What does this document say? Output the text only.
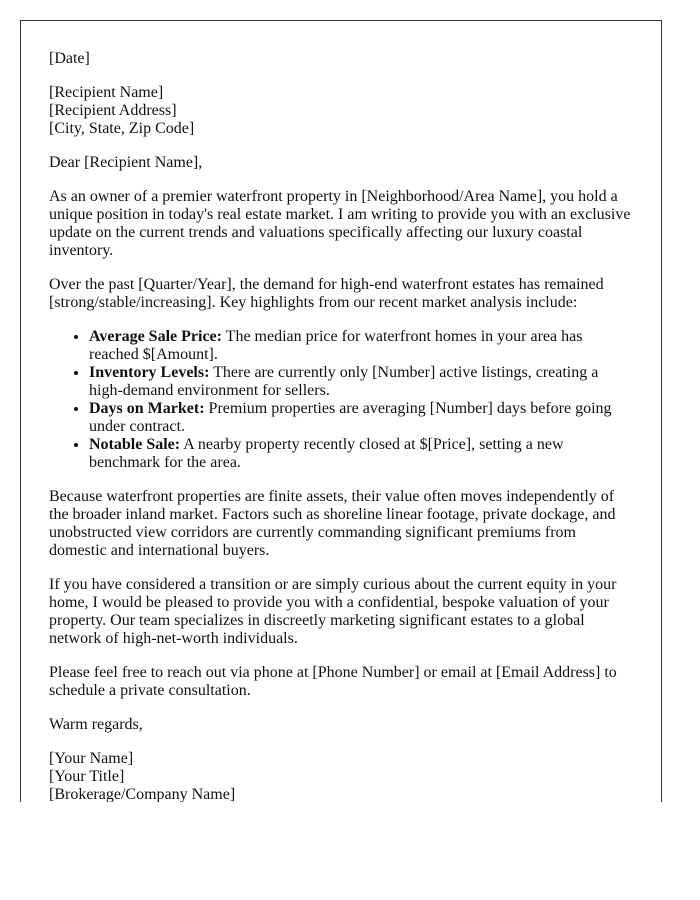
[Date]

[Recipient Name]
[Recipient Address]
[City, State, Zip Code]

Dear [Recipient Name],

As an owner of a premier waterfront property in [Neighborhood/Area Name], you hold a unique position in today's real estate market. I am writing to provide you with an exclusive update on the current trends and valuations specifically affecting our luxury coastal inventory.

Over the past [Quarter/Year], the demand for high-end waterfront estates has remained [strong/stable/increasing]. Key highlights from our recent market analysis include:

• Average Sale Price: The median price for waterfront homes in your area has reached $[Amount].
• Inventory Levels: There are currently only [Number] active listings, creating a high-demand environment for sellers.
• Days on Market: Premium properties are averaging [Number] days before going under contract.
• Notable Sale: A nearby property recently closed at $[Price], setting a new benchmark for the area.

Because waterfront properties are finite assets, their value often moves independently of the broader inland market. Factors such as shoreline linear footage, private dockage, and unobstructed view corridors are currently commanding significant premiums from domestic and international buyers.

If you have considered a transition or are simply curious about the current equity in your home, I would be pleased to provide you with a confidential, bespoke valuation of your property. Our team specializes in discreetly marketing significant estates to a global network of high-net-worth individuals.

Please feel free to reach out via phone at [Phone Number] or email at [Email Address] to schedule a private consultation.

Warm regards,

[Your Name]
[Your Title]
[Brokerage/Company Name]
